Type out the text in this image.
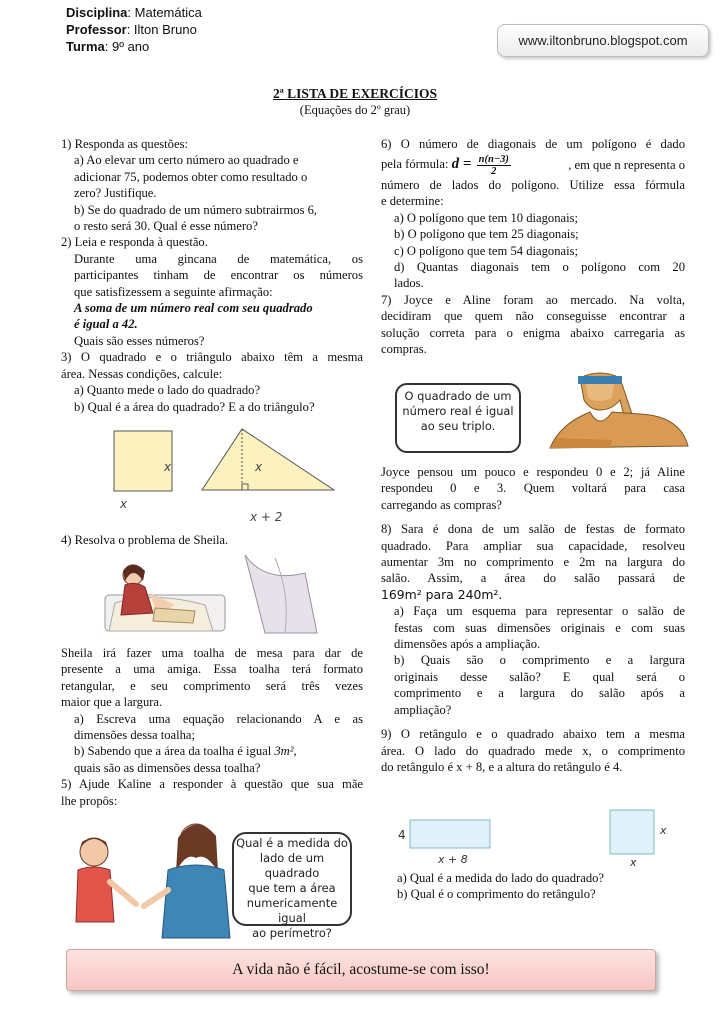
Disciplina: Matemática
Professor: Ilton Bruno
Turma: 9º ano	www.iltonbruno.blogspot.com
2ª LISTA DE EXERCÍCIOS
(Equações do 2º grau)

1) Responda as questões:

a) Ao elevar um certo número ao quadrado e

adicionar 75, podemos obter como resultado o

zero? Justifique.

b) Se do quadrado de um número subtrairmos 6,

o resto será 30. Qual é esse número?

2) Leia e responda à questão.

Durante uma gincana de matemática, os

participantes tinham de encontrar os números

que satisfizessem a seguinte afirmação:

A soma de um número real com seu quadrado

é igual a 42.

Quais são esses números?

3) O quadrado e o triângulo abaixo têm a mesma

área. Nessas condições, calcule:

a) Quanto mede o lado do quadrado?

b) Qual é a área do quadrado? E a do triângulo?

x
x
x
x + 2

4) Resolva o problema de Sheila.

Sheila irá fazer uma toalha de mesa para dar de

presente a uma amiga. Essa toalha terá formato

retangular, e seu comprimento será três vezes

maior que a largura.

a) Escreva uma equação relacionando A e as

dimensões dessa toalha;

b) Sabendo que a área da toalha é igual 3m²,

quais são as dimensões dessa toalha?

5) Ajude Kaline a responder à questão que sua mãe

lhe propôs:

Qual é a medida do
lado de um quadrado
que tem a área
numericamente igual
ao perímetro?

6) O número de diagonais de um polígono é dado

pela fórmula: $d = \frac{n(n-3)}{2}$	, em que n representa o

número de lados do polígono. Utilize essa fórmula

e determine:

a) O polígono que tem 10 diagonais;

b) O polígono que tem 25 diagonais;

c) O polígono que tem 54 diagonais;

d) Quantas diagonais tem o polígono com 20

lados.

7) Joyce e Aline foram ao mercado. Na volta,

decidiram que quem não conseguisse encontrar a

solução correta para o enigma abaixo carregaria as

compras.

O quadrado de um
número real é igual
ao seu triplo.

Joyce pensou um pouco e respondeu 0 e 2; já Aline

respondeu 0 e 3. Quem voltará para casa

carregando as compras?

8) Sara é dona de um salão de festas de formato

quadrado. Para ampliar sua capacidade, resolveu

aumentar 3m no comprimento e 2m na largura do

salão. Assim, a área do salão passará de

169m² para 240m².

a) Faça um esquema para representar o salão de

festas com suas dimensões originais e com suas

dimensões após a ampliação.

b) Quais são o comprimento e a largura

originais desse salão? E qual será o

comprimento e a largura do salão após a

ampliação?

9) O retângulo e o quadrado abaixo tem a mesma

área. O lado do quadrado mede x, o comprimento

do retângulo é x + 8, e a altura do retângulo é 4.

4
x + 8
x
x

a) Qual é a medida do lado do quadrado?

b) Qual é o comprimento do retângulo?

A vida não é fácil, acostume-se com isso!
